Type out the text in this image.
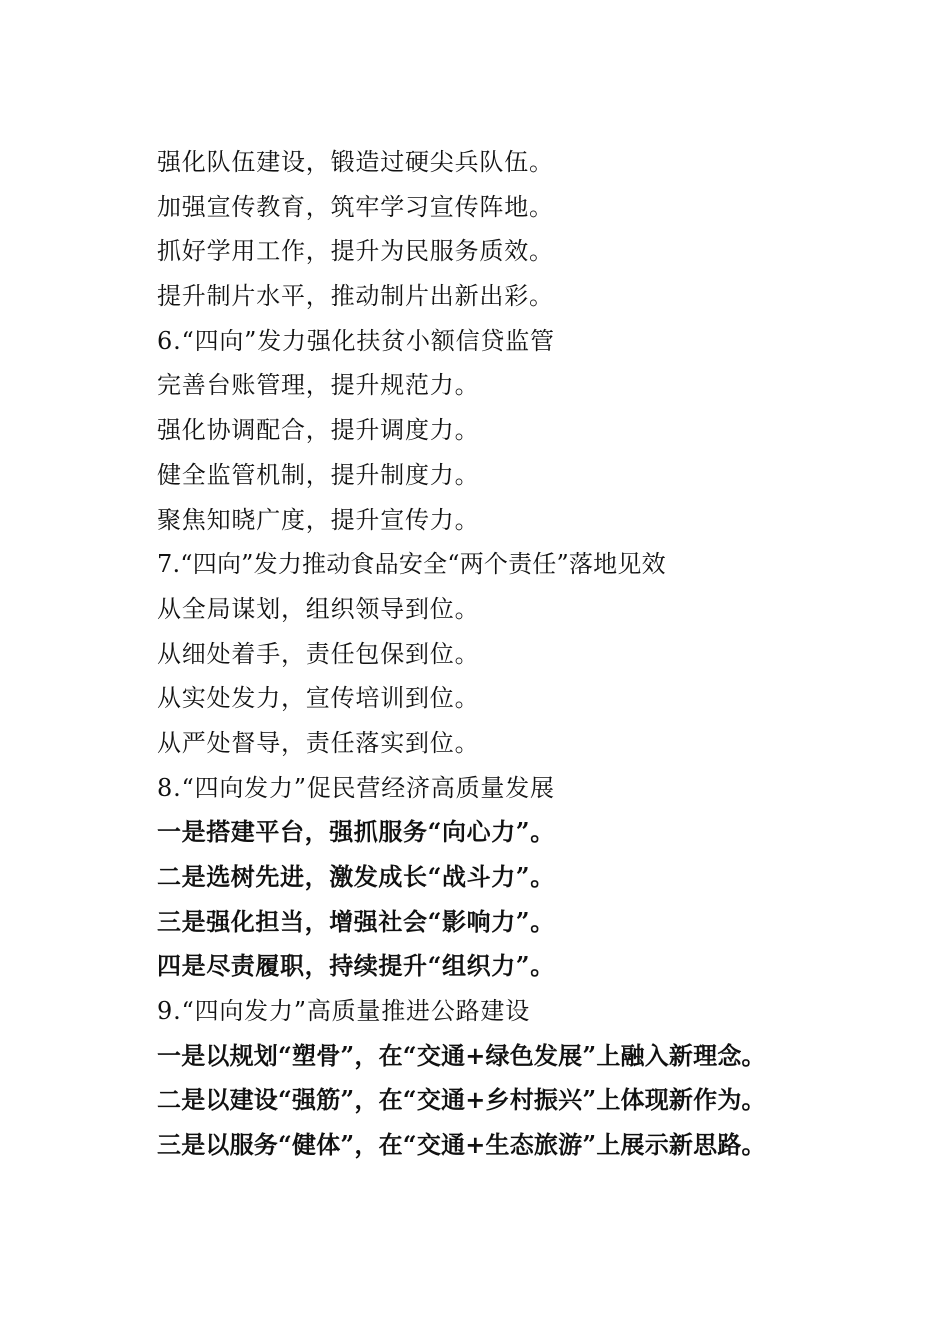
强化队伍建设，锻造过硬尖兵队伍。
加强宣传教育，筑牢学习宣传阵地。
抓好学用工作，提升为民服务质效。
提升制片水平，推动制片出新出彩。
6.“四向”发力强化扶贫小额信贷监管
完善台账管理，提升规范力。
强化协调配合，提升调度力。
健全监管机制，提升制度力。
聚焦知晓广度，提升宣传力。
7.“四向”发力推动食品安全“两个责任”落地见效
从全局谋划，组织领导到位。
从细处着手，责任包保到位。
从实处发力，宣传培训到位。
从严处督导，责任落实到位。
8.“四向发力”促民营经济高质量发展
一是搭建平台，强抓服务“向心力”。
二是选树先进，激发成长“战斗力”。
三是强化担当，增强社会“影响力”。
四是尽责履职，持续提升“组织力”。
9.“四向发力”高质量推进公路建设
一是以规划“塑骨”，在“交通+绿色发展”上融入新理念。
二是以建设“强筋”，在“交通+乡村振兴”上体现新作为。
三是以服务“健体”，在“交通+生态旅游”上展示新思路。
